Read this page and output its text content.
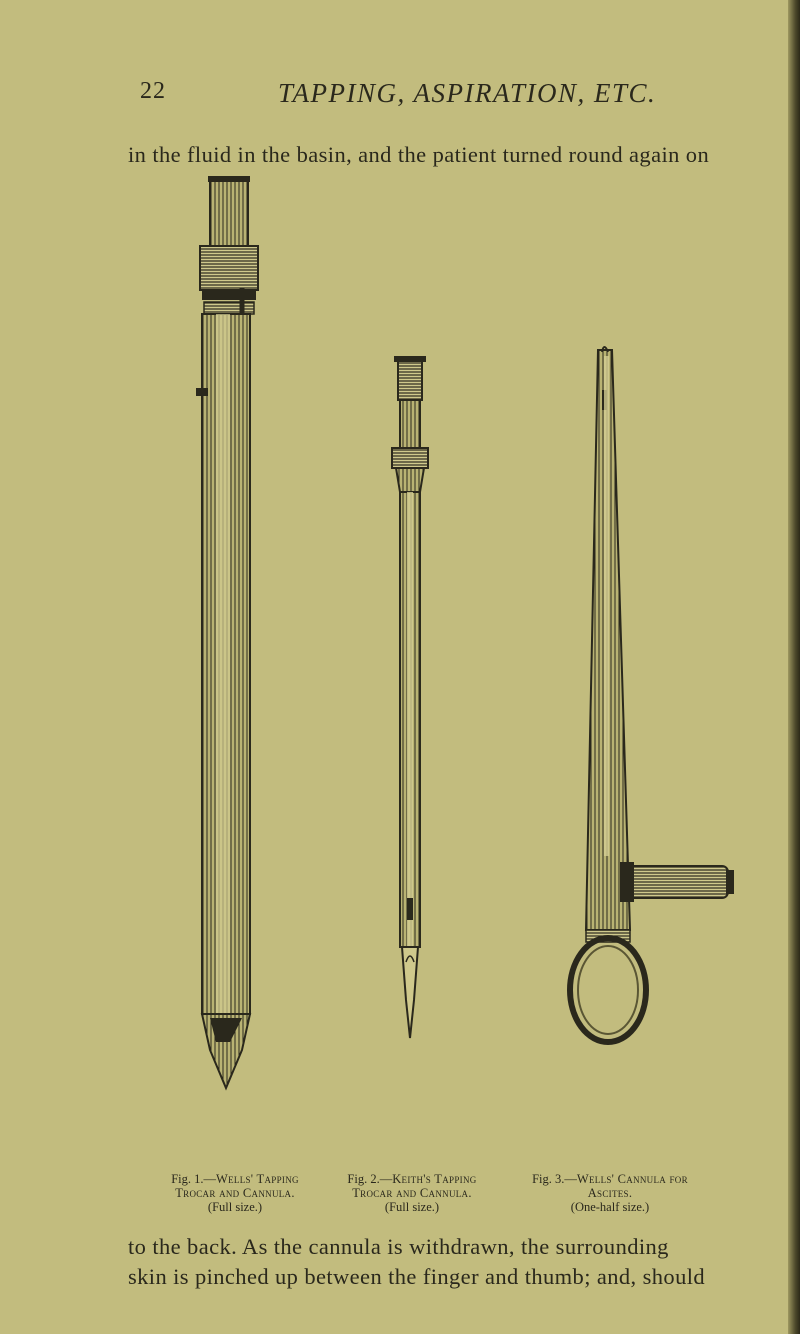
22	TAPPING, ASPIRATION, ETC.
in the fluid in the basin, and the patient turned round again on
Fig. 1.—Wells' Tapping
Trocar and Cannula.
(Full size.)
Fig. 2.—Keith's Tapping
Trocar and Cannula.
(Full size.)
Fig. 3.—Wells' Cannula for
Ascites.
(One-half size.)
to the back. As the cannula is withdrawn, the surrounding
skin is pinched up between the finger and thumb; and, should
